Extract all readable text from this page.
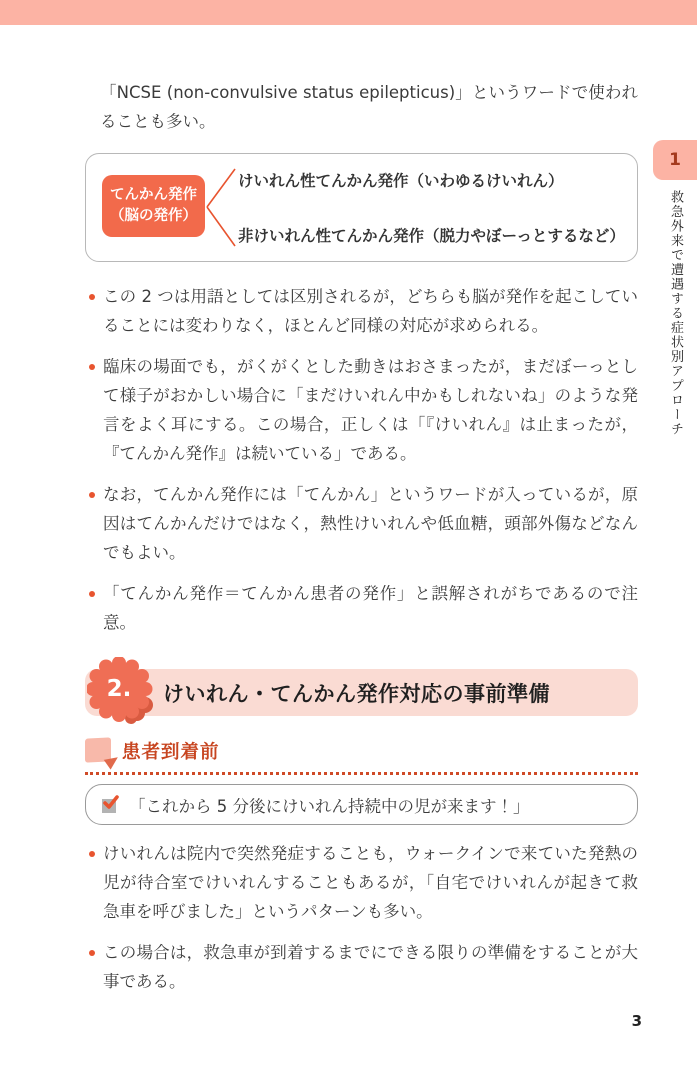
1
救急外来で遭遇する症状別アプローチ

「NCSE (non-convulsive status epilepticus)」というワードで使われることも多い。

てんかん発作
（脳の発作）
けいれん性てんかん発作（いわゆるけいれん）
非けいれん性てんかん発作（脱力やぼーっとするなど）
この 2 つは用語としては区別されるが，どちらも脳が発作を起こしていることには変わりなく，ほとんど同様の対応が求められる。
臨床の場面でも，がくがくとした動きはおさまったが，まだぼーっとして様子がおかしい場合に「まだけいれん中かもしれないね」のような発言をよく耳にする。この場合，正しくは「『けいれん』は止まったが，『てんかん発作』は続いている」である。
なお，てんかん発作には「てんかん」というワードが入っているが，原因はてんかんだけではなく，熱性けいれんや低血糖，頭部外傷などなんでもよい。
「てんかん発作＝てんかん患者の発作」と誤解されがちであるので注意。
2.	けいれん・てんかん発作対応の事前準備
患者到着前
「これから 5 分後にけいれん持続中の児が来ます！」
けいれんは院内で突然発症することも，ウォークインで来ていた発熱の児が待合室でけいれんすることもあるが，「自宅でけいれんが起きて救急車を呼びました」というパターンも多い。
この場合は，救急車が到着するまでにできる限りの準備をすることが大事である。
3
